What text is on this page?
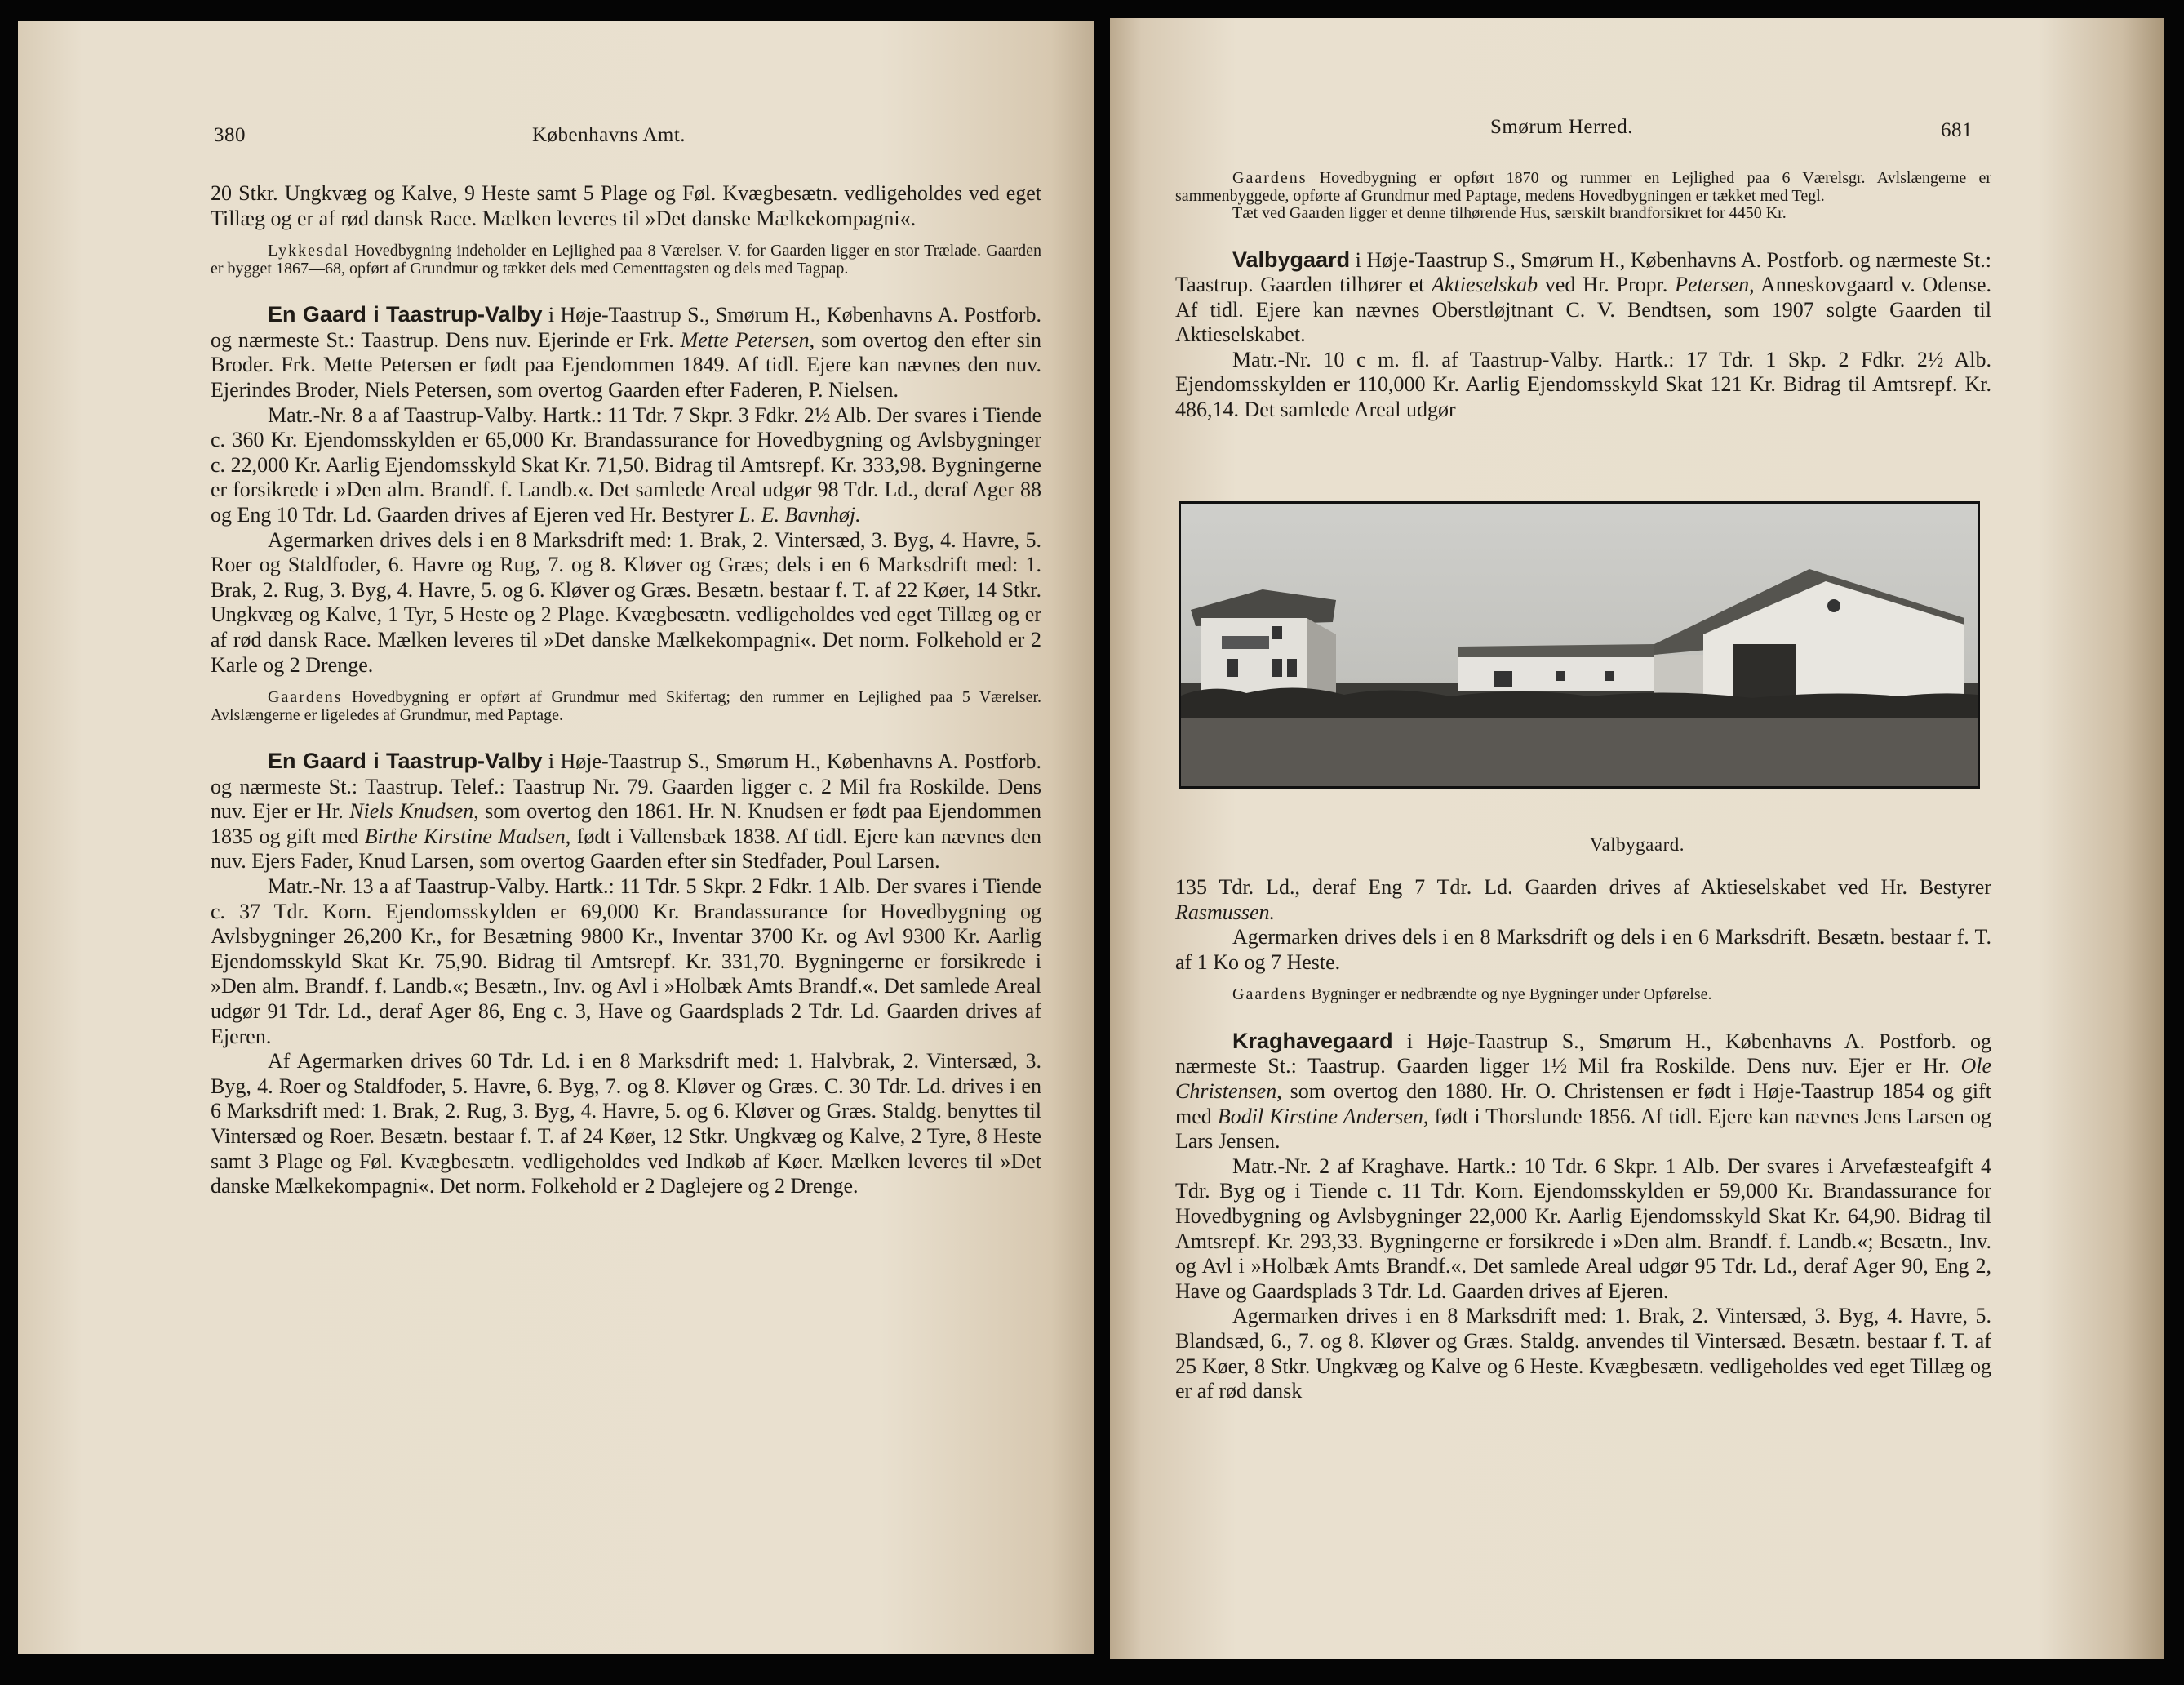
380	Københavns Amt.

20 Stkr. Ungkvæg og Kalve, 9 Heste samt 5 Plage og Føl. Kvægbesætn. vedligeholdes ved eget Tillæg og er af rød dansk Race. Mælken leveres til »Det danske Mælkekompagni«.

Lykkesdal Hovedbygning indeholder en Lejlighed paa 8 Værelser. V. for Gaarden ligger en stor Trælade. Gaarden er bygget 1867—68, opført af Grundmur og tækket dels med Cementtagsten og dels med Tagpap.

En Gaard i Taastrup-Valby i Høje-Taastrup S., Smørum H., Københavns A. Postforb. og nærmeste St.: Taastrup. Dens nuv. Ejerinde er Frk. Mette Petersen, som overtog den efter sin Broder. Frk. Mette Petersen er født paa Ejendommen 1849. Af tidl. Ejere kan nævnes den nuv. Ejerindes Broder, Niels Petersen, som overtog Gaarden efter Faderen, P. Nielsen.

Matr.-Nr. 8 a af Taastrup-Valby. Hartk.: 11 Tdr. 7 Skpr. 3 Fdkr. 2½ Alb. Der svares i Tiende c. 360 Kr. Ejendomsskylden er 65,000 Kr. Brandassurance for Hovedbygning og Avlsbygninger c. 22,000 Kr. Aarlig Ejendomsskyld Skat Kr. 71,50. Bidrag til Amtsrepf. Kr. 333,98. Bygningerne er forsikrede i »Den alm. Brandf. f. Landb.«. Det samlede Areal udgør 98 Tdr. Ld., deraf Ager 88 og Eng 10 Tdr. Ld. Gaarden drives af Ejeren ved Hr. Bestyrer L. E. Bavnhøj.

Agermarken drives dels i en 8 Marksdrift med: 1. Brak, 2. Vintersæd, 3. Byg, 4. Havre, 5. Roer og Staldfoder, 6. Havre og Rug, 7. og 8. Kløver og Græs; dels i en 6 Marksdrift med: 1. Brak, 2. Rug, 3. Byg, 4. Havre, 5. og 6. Kløver og Græs. Besætn. bestaar f. T. af 22 Køer, 14 Stkr. Ungkvæg og Kalve, 1 Tyr, 5 Heste og 2 Plage. Kvægbesætn. vedligeholdes ved eget Tillæg og er af rød dansk Race. Mælken leveres til »Det danske Mælkekompagni«. Det norm. Folkehold er 2 Karle og 2 Drenge.

Gaardens Hovedbygning er opført af Grundmur med Skifertag; den rummer en Lejlighed paa 5 Værelser. Avlslængerne er ligeledes af Grundmur, med Paptage.

En Gaard i Taastrup-Valby i Høje-Taastrup S., Smørum H., Københavns A. Postforb. og nærmeste St.: Taastrup. Telef.: Taastrup Nr. 79. Gaarden ligger c. 2 Mil fra Roskilde. Dens nuv. Ejer er Hr. Niels Knudsen, som overtog den 1861. Hr. N. Knudsen er født paa Ejendommen 1835 og gift med Birthe Kirstine Madsen, født i Vallensbæk 1838. Af tidl. Ejere kan nævnes den nuv. Ejers Fader, Knud Larsen, som overtog Gaarden efter sin Stedfader, Poul Larsen.

Matr.-Nr. 13 a af Taastrup-Valby. Hartk.: 11 Tdr. 5 Skpr. 2 Fdkr. 1 Alb. Der svares i Tiende c. 37 Tdr. Korn. Ejendomsskylden er 69,000 Kr. Brandassurance for Hovedbygning og Avlsbygninger 26,200 Kr., for Besætning 9800 Kr., Inventar 3700 Kr. og Avl 9300 Kr. Aarlig Ejendomsskyld Skat Kr. 75,90. Bidrag til Amtsrepf. Kr. 331,70. Bygningerne er forsikrede i »Den alm. Brandf. f. Landb.«; Besætn., Inv. og Avl i »Holbæk Amts Brandf.«. Det samlede Areal udgør 91 Tdr. Ld., deraf Ager 86, Eng c. 3, Have og Gaardsplads 2 Tdr. Ld. Gaarden drives af Ejeren.

Af Agermarken drives 60 Tdr. Ld. i en 8 Marksdrift med: 1. Halvbrak, 2. Vintersæd, 3. Byg, 4. Roer og Staldfoder, 5. Havre, 6. Byg, 7. og 8. Kløver og Græs. C. 30 Tdr. Ld. drives i en 6 Marksdrift med: 1. Brak, 2. Rug, 3. Byg, 4. Havre, 5. og 6. Kløver og Græs. Staldg. benyttes til Vintersæd og Roer. Besætn. bestaar f. T. af 24 Køer, 12 Stkr. Ungkvæg og Kalve, 2 Tyre, 8 Heste samt 3 Plage og Føl. Kvægbesætn. vedligeholdes ved Indkøb af Køer. Mælken leveres til »Det danske Mælkekompagni«. Det norm. Folkehold er 2 Daglejere og 2 Drenge.

Smørum Herred.	681

Gaardens Hovedbygning er opført 1870 og rummer en Lejlighed paa 6 Værelsgr. Avlslængerne er sammenbyggede, opførte af Grundmur med Paptage, medens Hovedbygningen er tækket med Tegl.

Tæt ved Gaarden ligger et denne tilhørende Hus, særskilt brandforsikret for 4450 Kr.

Valbygaard i Høje-Taastrup S., Smørum H., Københavns A. Postforb. og nærmeste St.: Taastrup. Gaarden tilhører et Aktieselskab ved Hr. Propr. Petersen, Anneskovgaard v. Odense. Af tidl. Ejere kan nævnes Oberstløjtnant C. V. Bendtsen, som 1907 solgte Gaarden til Aktieselskabet.

Matr.-Nr. 10 c m. fl. af Taastrup-Valby. Hartk.: 17 Tdr. 1 Skp. 2 Fdkr. 2½ Alb. Ejendomsskylden er 110,000 Kr. Aarlig Ejendomsskyld Skat 121 Kr. Bidrag til Amtsrepf. Kr. 486,14. Det samlede Areal udgør

Valbygaard.

135 Tdr. Ld., deraf Eng 7 Tdr. Ld. Gaarden drives af Aktieselskabet ved Hr. Bestyrer Rasmussen.

Agermarken drives dels i en 8 Marksdrift og dels i en 6 Marksdrift. Besætn. bestaar f. T. af 1 Ko og 7 Heste.

Gaardens Bygninger er nedbrændte og nye Bygninger under Opførelse.

Kraghavegaard i Høje-Taastrup S., Smørum H., Københavns A. Postforb. og nærmeste St.: Taastrup. Gaarden ligger 1½ Mil fra Roskilde. Dens nuv. Ejer er Hr. Ole Christensen, som overtog den 1880. Hr. O. Christensen er født i Høje-Taastrup 1854 og gift med Bodil Kirstine Andersen, født i Thorslunde 1856. Af tidl. Ejere kan nævnes Jens Larsen og Lars Jensen.

Matr.-Nr. 2 af Kraghave. Hartk.: 10 Tdr. 6 Skpr. 1 Alb. Der svares i Arvefæsteafgift 4 Tdr. Byg og i Tiende c. 11 Tdr. Korn. Ejendomsskylden er 59,000 Kr. Brandassurance for Hovedbygning og Avlsbygninger 22,000 Kr. Aarlig Ejendomsskyld Skat Kr. 64,90. Bidrag til Amtsrepf. Kr. 293,33. Bygningerne er forsikrede i »Den alm. Brandf. f. Landb.«; Besætn., Inv. og Avl i »Holbæk Amts Brandf.«. Det samlede Areal udgør 95 Tdr. Ld., deraf Ager 90, Eng 2, Have og Gaardsplads 3 Tdr. Ld. Gaarden drives af Ejeren.

Agermarken drives i en 8 Marksdrift med: 1. Brak, 2. Vintersæd, 3. Byg, 4. Havre, 5. Blandsæd, 6., 7. og 8. Kløver og Græs. Staldg. anvendes til Vintersæd. Besætn. bestaar f. T. af 25 Køer, 8 Stkr. Ungkvæg og Kalve og 6 Heste. Kvægbesætn. vedligeholdes ved eget Tillæg og er af rød dansk
